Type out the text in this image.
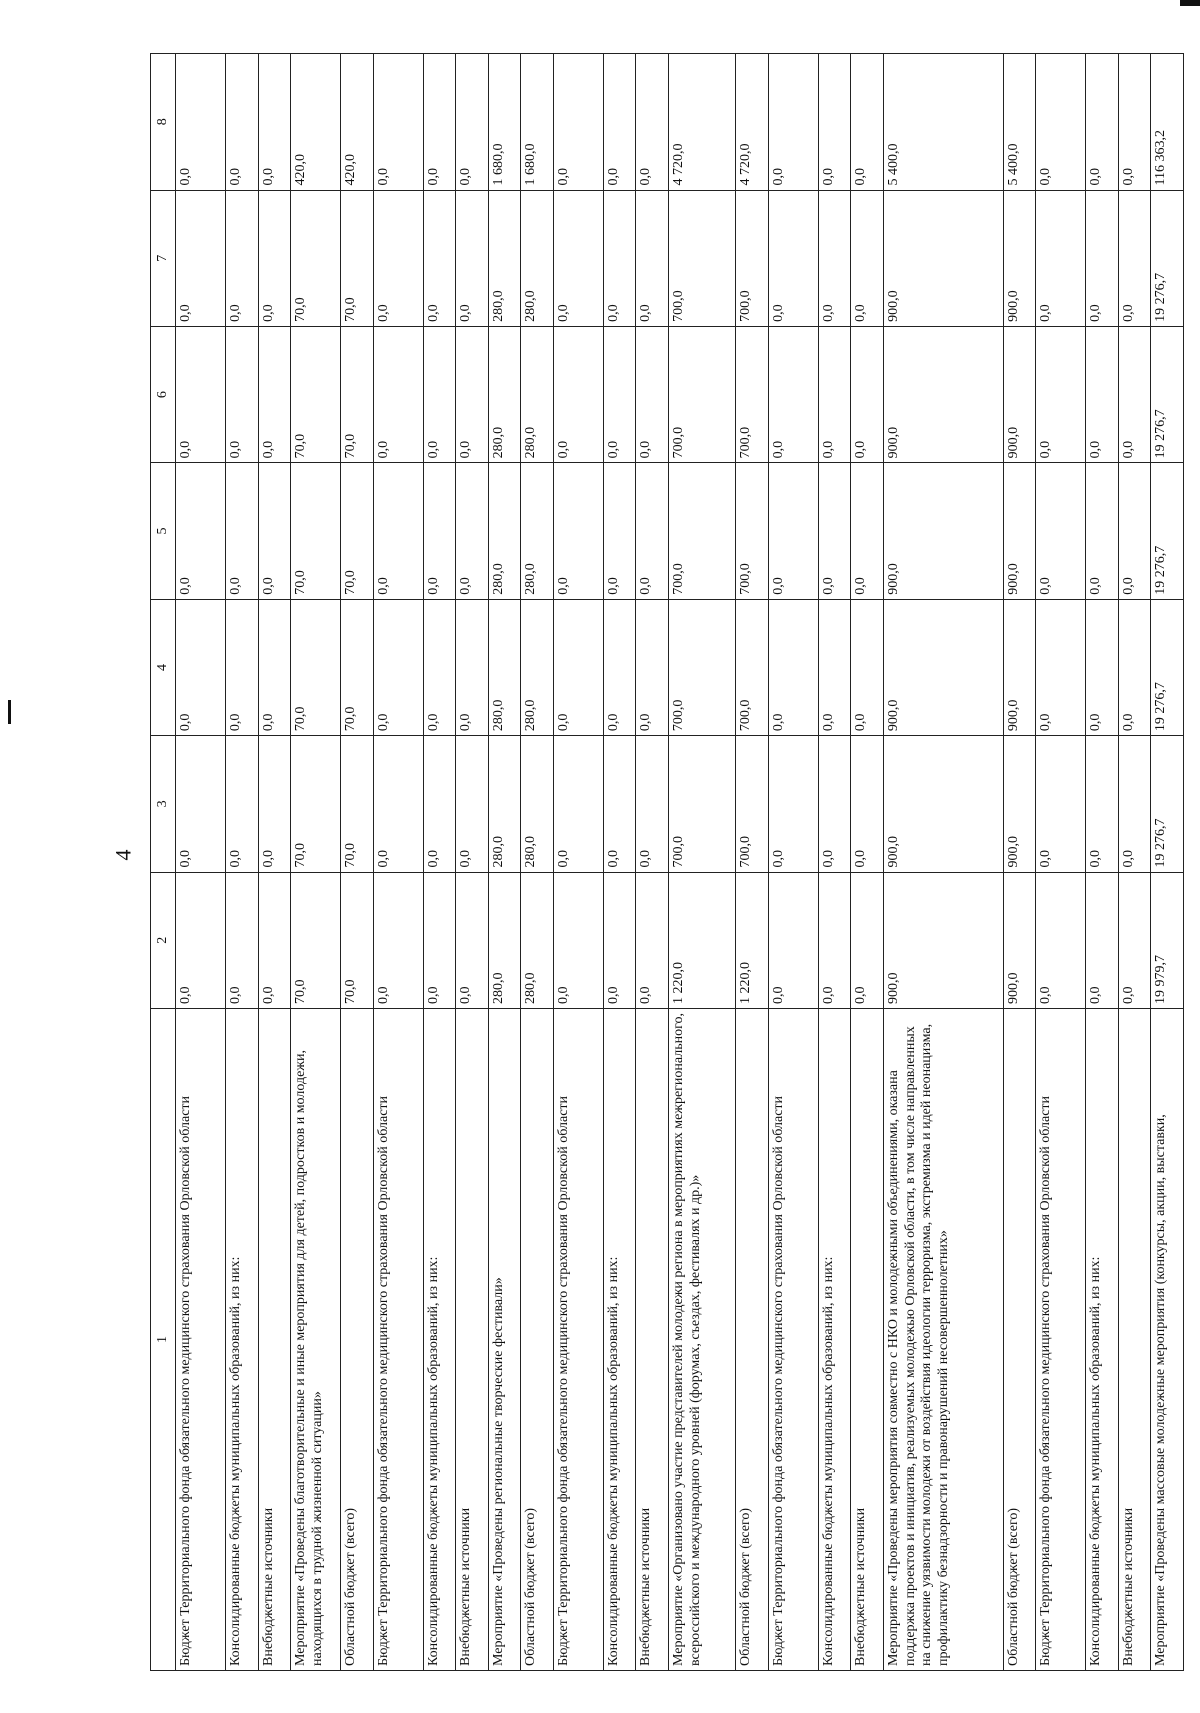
4
1	2	3	4	5	6	7	8
Бюджет Территориального фонда обязательного медицинского страхования Орловской области	0,0	0,0	0,0	0,0	0,0	0,0	0,0
Консолидированные бюджеты муниципальных образований, из них:	0,0	0,0	0,0	0,0	0,0	0,0	0,0
Внебюджетные источники	0,0	0,0	0,0	0,0	0,0	0,0	0,0
Мероприятие «Проведены благотворительные и иные мероприятия для детей, подростков и молодежи, находящихся в трудной жизненной ситуации»	70,0	70,0	70,0	70,0	70,0	70,0	420,0
Областной бюджет (всего)	70,0	70,0	70,0	70,0	70,0	70,0	420,0
Бюджет Территориального фонда обязательного медицинского страхования Орловской области	0,0	0,0	0,0	0,0	0,0	0,0	0,0
Консолидированные бюджеты муниципальных образований, из них:	0,0	0,0	0,0	0,0	0,0	0,0	0,0
Внебюджетные источники	0,0	0,0	0,0	0,0	0,0	0,0	0,0
Мероприятие «Проведены региональные творческие фестивали»	280,0	280,0	280,0	280,0	280,0	280,0	1 680,0
Областной бюджет (всего)	280,0	280,0	280,0	280,0	280,0	280,0	1 680,0
Бюджет Территориального фонда обязательного медицинского страхования Орловской области	0,0	0,0	0,0	0,0	0,0	0,0	0,0
Консолидированные бюджеты муниципальных образований, из них:	0,0	0,0	0,0	0,0	0,0	0,0	0,0
Внебюджетные источники	0,0	0,0	0,0	0,0	0,0	0,0	0,0
Мероприятие «Организовано участие представителей молодежи региона в мероприятиях межрегионального, всероссийского и международного уровней (форумах, съездах, фестивалях и др.)»	1 220,0	700,0	700,0	700,0	700,0	700,0	4 720,0
Областной бюджет (всего)	1 220,0	700,0	700,0	700,0	700,0	700,0	4 720,0
Бюджет Территориального фонда обязательного медицинского страхования Орловской области	0,0	0,0	0,0	0,0	0,0	0,0	0,0
Консолидированные бюджеты муниципальных образований, из них:	0,0	0,0	0,0	0,0	0,0	0,0	0,0
Внебюджетные источники	0,0	0,0	0,0	0,0	0,0	0,0	0,0
Мероприятие «Проведены мероприятия совместно с НКО и молодежными объединениями, оказана поддержка проектов и инициатив, реализуемых молодежью Орловской области, в том числе направленных на снижение уязвимости молодежи от воздействия идеологии терроризма, экстремизма и идей неонацизма, профилактику безнадзорности и правонарушений несовершеннолетних»	900,0	900,0	900,0	900,0	900,0	900,0	5 400,0
Областной бюджет (всего)	900,0	900,0	900,0	900,0	900,0	900,0	5 400,0
Бюджет Территориального фонда обязательного медицинского страхования Орловской области	0,0	0,0	0,0	0,0	0,0	0,0	0,0
Консолидированные бюджеты муниципальных образований, из них:	0,0	0,0	0,0	0,0	0,0	0,0	0,0
Внебюджетные источники	0,0	0,0	0,0	0,0	0,0	0,0	0,0
Мероприятие «Проведены массовые молодежные мероприятия (конкурсы, акции, выставки,	19 979,7	19 276,7	19 276,7	19 276,7	19 276,7	19 276,7	116 363,2
